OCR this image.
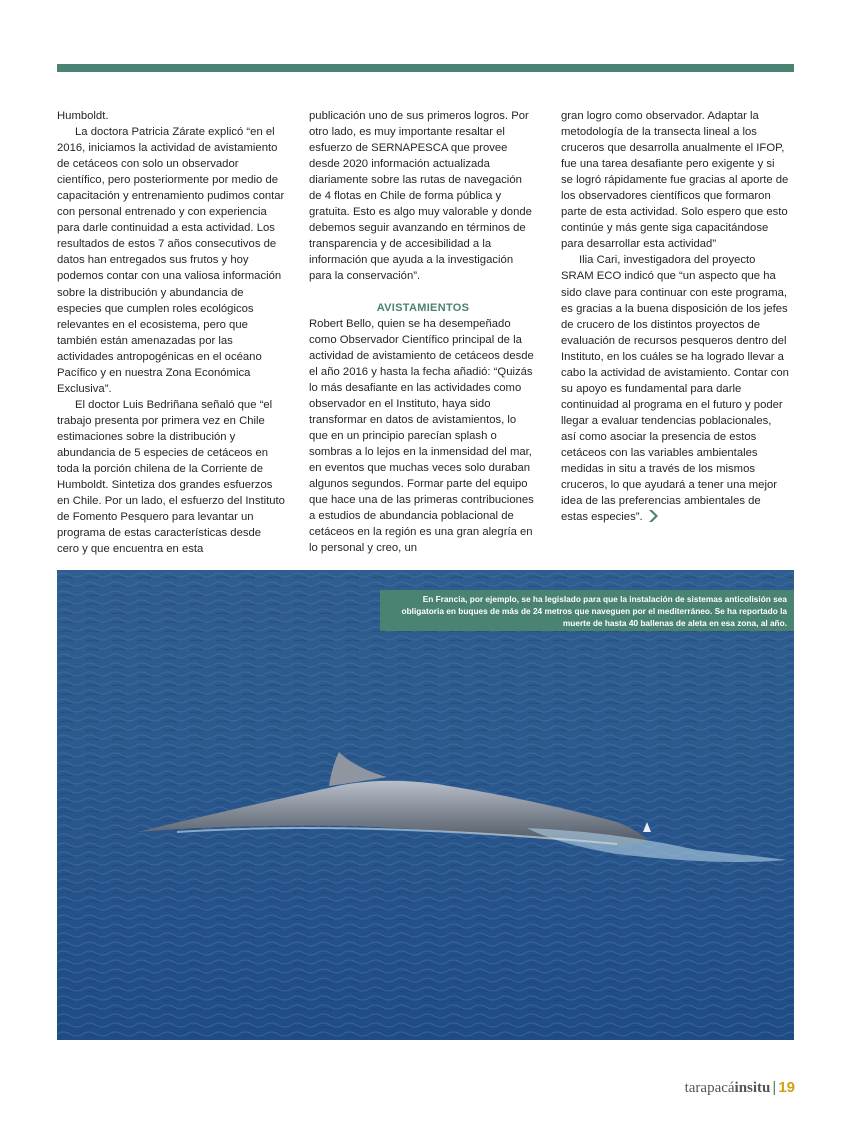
Humboldt.

La doctora Patricia Zárate explicó “en el 2016, iniciamos la actividad de avistamiento de cetáceos con solo un observador científico, pero posteriormente por medio de capacitación y entrenamiento pudimos contar con personal entrenado y con experiencia para darle continuidad a esta actividad. Los resultados de estos 7 años consecutivos de datos han entregados sus frutos y hoy podemos contar con una valiosa información sobre la distribución y abundancia de especies que cumplen roles ecológicos relevantes en el ecosistema, pero que también están amenazadas por las actividades antropogénicas en el océano Pacífico y en nuestra Zona Económica Exclusiva”.

El doctor Luis Bedriñana señaló que “el trabajo presenta por primera vez en Chile estimaciones sobre la distribución y abundancia de 5 especies de cetáceos en toda la porción chilena de la Corriente de Humboldt. Sintetiza dos grandes esfuerzos en Chile. Por un lado, el esfuerzo del Instituto de Fomento Pesquero para levantar un programa de estas características desde cero y que encuentra en esta

publicación uno de sus primeros logros. Por otro lado, es muy importante resaltar el esfuerzo de SERNAPESCA que provee desde 2020 información actualizada diariamente sobre las rutas de navegación de 4 flotas en Chile de forma pública y gratuita. Esto es algo muy valorable y donde debemos seguir avanzando en términos de transparencia y de accesibilidad a la información que ayuda a la investigación para la conservación”.

AVISTAMIENTOS

Robert Bello, quien se ha desempeñado como Observador Científico principal de la actividad de avistamiento de cetáceos desde el año 2016 y hasta la fecha añadió: “Quizás lo más desafiante en las actividades como observador en el Instituto, haya sido transformar en datos de avistamientos, lo que en un principio parecían splash o sombras a lo lejos en la inmensidad del mar, en eventos que muchas veces solo duraban algunos segundos. Formar parte del equipo que hace una de las primeras contribuciones a estudios de abundancia poblacional de cetáceos en la región es una gran alegría en lo personal y creo, un

gran logro como observador. Adaptar la metodología de la transecta lineal a los cruceros que desarrolla anualmente el IFOP, fue una tarea desafiante pero exigente y si se logró rápidamente fue gracias al aporte de los observadores científicos que formaron parte de esta actividad. Solo espero que esto continúe y más gente siga capacitándose para desarrollar esta actividad”

Ilia Cari, investigadora del proyecto SRAM ECO indicó que “un aspecto que ha sido clave para continuar con este programa, es gracias a la buena disposición de los jefes de crucero de los distintos proyectos de evaluación de recursos pesqueros dentro del Instituto, en los cuáles se ha logrado llevar a cabo la actividad de avistamiento. Contar con su apoyo es fundamental para darle continuidad al programa en el futuro y poder llegar a evaluar tendencias poblacionales, así como asociar la presencia de estos cetáceos con las variables ambientales medidas in situ a través de los mismos cruceros, lo que ayudará a tener una mejor idea de las preferencias ambientales de estas especies”.

En Francia, por ejemplo, se ha legislado para que la instalación de sistemas anticolisión sea obligatoria en buques de más de 24 metros que naveguen por el mediterráneo. Se ha reportado la muerte de hasta 40 ballenas de aleta en esa zona, al año.
tarapacáinsitu | 19
